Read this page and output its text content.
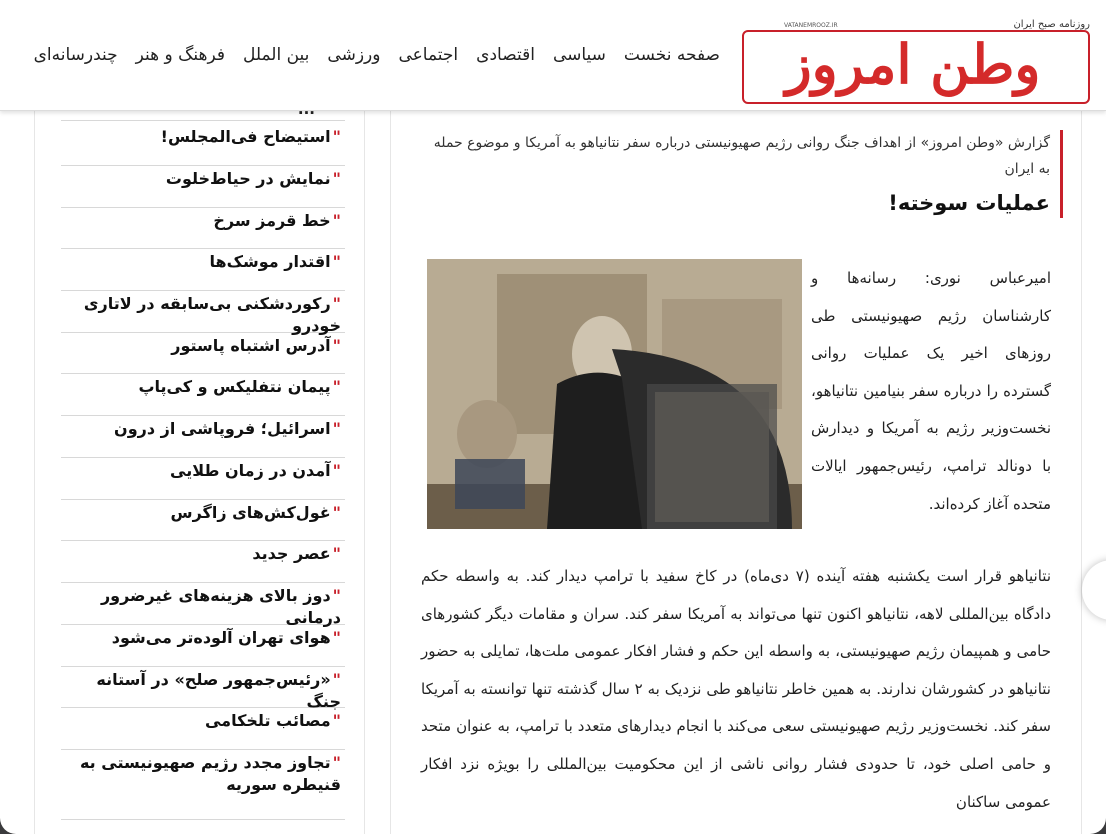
وطن امروز
روزنامه صبح ایران
VATANEMROOZ.IR
صفحه نخست
سیاسی
اقتصادی
اجتماعی
ورزشی
بین الملل
فرهنگ و هنر
چندرسانه‌ای
"استیضاح فی‌المجلس!
"نمایش در حیاط‌خلوت
"خط قرمز سرخ
"اقتدار موشک‌ها
"رکوردشکنی بی‌سابقه در لاتاری خودرو
"آدرس اشتباه پاستور
"پیمان نتفلیکس و کی‌پاپ
"اسرائیل؛ فروپاشی از درون
"آمدن در زمان طلایی
"غول‌کش‌های زاگرس
"عصر جدید
"دوز بالای هزینه‌های غیرضرور درمانی
"هوای تهران آلوده‌تر می‌شود
"«رئیس‌جمهور صلح» در آستانه جنگ
"مصائب تلخکامی
"تجاوز مجدد رژیم صهیونیستی به قنیطره سوریه
گزارش «وطن امروز» از اهداف جنگ روانی رژیم صهیونیستی درباره سفر نتانیاهو به آمریکا و موضوع حمله به ایران
عملیات سوخته!
امیرعباس نوری: رسانه‌ها و کارشناسان رژیم صهیونیستی طی روزهای اخیر یک عملیات روانی گسترده را درباره سفر بنیامین نتانیاهو، نخست‌وزیر رژیم به آمریکا و دیدارش با دونالد ترامپ، رئیس‌جمهور ایالات متحده آغاز کرده‌اند.
نتانیاهو قرار است یکشنبه هفته آینده (۷ دی‌ماه) در کاخ سفید با ترامپ دیدار کند. به واسطه حکم دادگاه بین‌المللی لاهه، نتانیاهو اکنون تنها می‌تواند به آمریکا سفر کند. سران و مقامات دیگر کشورهای حامی و همپیمان رژیم صهیونیستی، به واسطه این حکم و فشار افکار عمومی ملت‌ها، تمایلی به حضور نتانیاهو در کشورشان ندارند. به همین خاطر نتانیاهو طی نزدیک به ۲ سال گذشته تنها توانسته به آمریکا سفر کند. نخست‌وزیر رژیم صهیونیستی سعی می‌کند با انجام دیدارهای متعدد با ترامپ، به عنوان متحد و حامی اصلی خود، تا حدودی فشار روانی ناشی از این محکومیت بین‌المللی را بویژه نزد افکار عمومی ساکنان
